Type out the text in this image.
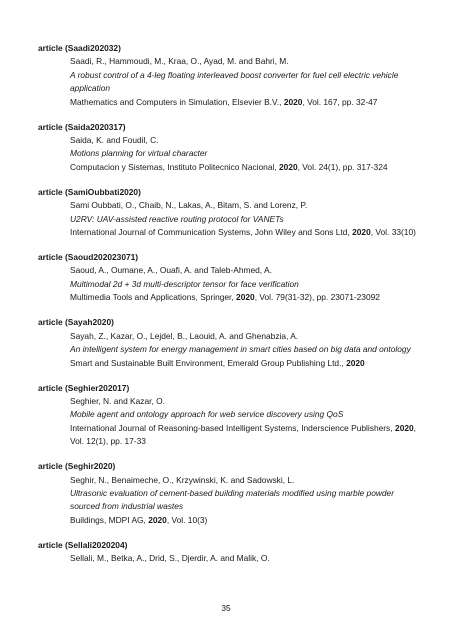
article (Saadi202032)
Saadi, R., Hammoudi, M., Kraa, O., Ayad, M. and Bahri, M.
A robust control of a 4-leg floating interleaved boost converter for fuel cell electric vehicle application
Mathematics and Computers in Simulation, Elsevier B.V., 2020, Vol. 167, pp. 32-47
article (Saida2020317)
Saida, K. and Foudil, C.
Motions planning for virtual character
Computacion y Sistemas, Instituto Politecnico Nacional, 2020, Vol. 24(1), pp. 317-324
article (SamiOubbati2020)
Sami Oubbati, O., Chaib, N., Lakas, A., Bitam, S. and Lorenz, P.
U2RV: UAV-assisted reactive routing protocol for VANETs
International Journal of Communication Systems, John Wiley and Sons Ltd, 2020, Vol. 33(10)
article (Saoud202023071)
Saoud, A., Oumane, A., Ouafi, A. and Taleb-Ahmed, A.
Multimodal 2d + 3d multi-descriptor tensor for face verification
Multimedia Tools and Applications, Springer, 2020, Vol. 79(31-32), pp. 23071-23092
article (Sayah2020)
Sayah, Z., Kazar, O., Lejdel, B., Laouid, A. and Ghenabzia, A.
An intelligent system for energy management in smart cities based on big data and ontology
Smart and Sustainable Built Environment, Emerald Group Publishing Ltd., 2020
article (Seghier202017)
Seghier, N. and Kazar, O.
Mobile agent and ontology approach for web service discovery using QoS
International Journal of Reasoning-based Intelligent Systems, Inderscience Publishers, 2020, Vol. 12(1), pp. 17-33
article (Seghir2020)
Seghir, N., Benaimeche, O., Krzywinski, K. and Sadowski, L.
Ultrasonic evaluation of cement-based building materials modified using marble powder sourced from industrial wastes
Buildings, MDPI AG, 2020, Vol. 10(3)
article (Sellali2020204)
Sellali, M., Betka, A., Drid, S., Djerdir, A. and Malik, O.
35
